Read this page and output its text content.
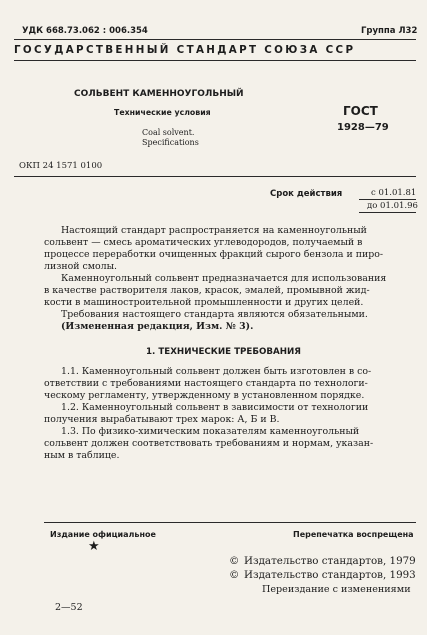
УДК 668.73.062 : 006.354	Группа Л32
ГОСУДАРСТВЕННЫЙ СТАНДАРТ СОЮЗА ССР
СОЛЬВЕНТ КАМЕННОУГОЛЬНЫЙ
Технические условия
Coal solvent.
Specifications
ГОСТ
1928—79
ОКП 24 1571 0100
Срок действия	с 01.01.81
до 01.01.96
Настоящий стандарт распространяется на каменноугольный
сольвент — смесь ароматических углеводородов, получаемый в
процессе переработки очищенных фракций сырого бензола и пиро-
лизной смолы.
Каменноугольный сольвент предназначается для использования
в качестве растворителя лаков, красок, эмалей, промывной жид-
кости в машиностроительной промышленности и других целей.
Требования настоящего стандарта являются обязательными.
(Измененная редакция, Изм. № 3).
1. ТЕХНИЧЕСКИЕ ТРЕБОВАНИЯ
1.1. Каменноугольный сольвент должен быть изготовлен в со-
ответствии с требованиями настоящего стандарта по технологи-
ческому регламенту, утвержденному в установленном порядке.
1.2. Каменноугольный сольвент в зависимости от технологии
получения вырабатывают трех марок: А, Б и В.
1.3. По физико-химическим показателям каменноугольный
сольвент должен соответствовать требованиям и нормам, указан-
ным в таблице.
Издание официальное
★
Перепечатка воспрещена
© Издательство стандартов, 1979
© Издательство стандартов, 1993
Переиздание с изменениями
2—52
